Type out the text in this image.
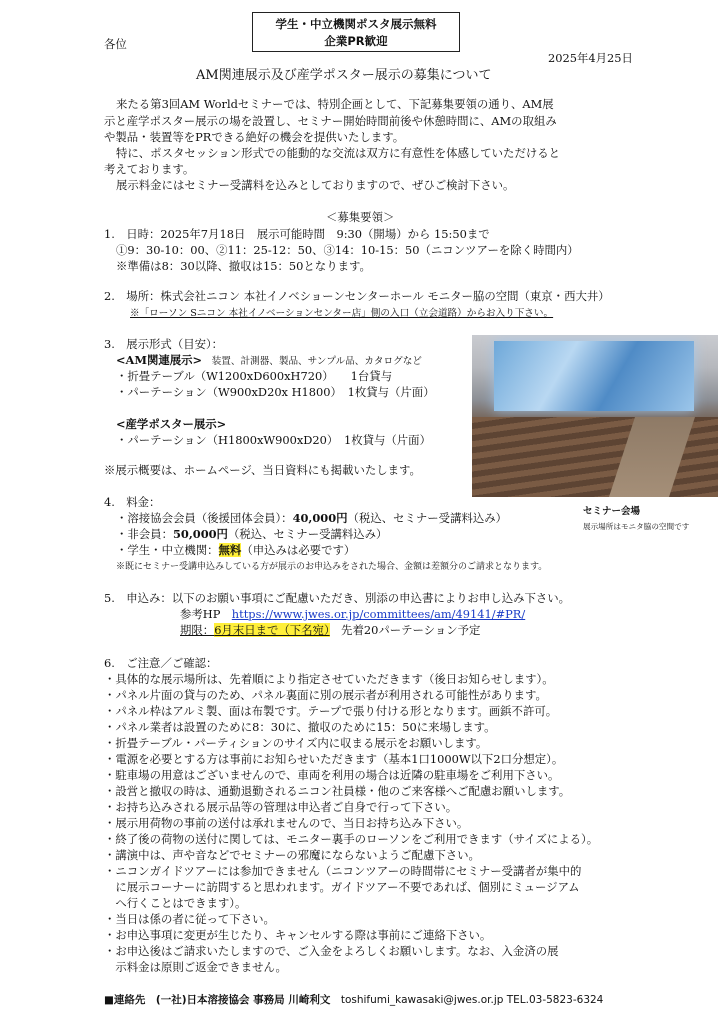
各位
学生・中立機関ポスタ展示無料
企業PR歓迎
2025年4月25日
AM関連展示及び産学ポスター展示の募集について
来たる第3回AM Worldセミナーでは、特別企画として、下記募集要領の通り、AM展
示と産学ポスター展示の場を設置し、セミナー開始時間前後や休憩時間に、AMの取組み
や製品・装置等をPRできる絶好の機会を提供いたします。
特に、ポスタセッション形式での能動的な交流は双方に有意性を体感していただけると
考えております。
展示料金にはセミナー受講料を込みとしておりますので、ぜひご検討下さい。
＜募集要領＞
1.　日時：2025年7月18日　展示可能時間　9:30（開場）から 15:50まで
①9：30-10：00、②11：25-12：50、③14：10-15：50（ニコンツアーを除く時間内）
※準備は8：30以降、撤収は15：50となります。
2.　場所：株式会社ニコン 本社イノベショーンセンターホール モニター脇の空間（東京・西大井）
※「ローソン Sニコン 本社イノベーションセンター店」側の入口（立会道路）からお入り下さい。
3.　展示形式（目安）：
<AM関連展示>　装置、計測器、製品、サンプル品、カタログなど
・折畳テーブル（W1200xD600xH720）　　1台貸与
・パーテーション（W900xD20x H1800）　1枚貸与（片面）
<産学ポスター展示>
・パーテーション（H1800xW900xD20）　1枚貸与（片面）
※展示概要は、ホームページ、当日資料にも掲載いたします。
セミナー会場
展示場所はモニタ脇の空間です
4.　料金：
・溶接協会会員（後援団体会員）：40,000円（税込、セミナー受講料込み）
・非会員：50,000円（税込、セミナー受講料込み）
・学生・中立機関：無料（申込みは必要です）
※既にセミナー受講申込みしている方が展示のお申込みをされた場合、金額は差額分のご請求となります。
5.　申込み：以下のお願い事項にご配慮いただき、別添の申込書によりお申し込み下さい。
参考HP　 https://www.jwes.or.jp/committees/am/49141/#PR/
期限：6月末日まで（下名宛）　先着20パーテーション予定
6.　ご注意／ご確認：
・具体的な展示場所は、先着順により指定させていただきます（後日お知らせします）。
・パネル片面の貸与のため、パネル裏面に別の展示者が利用される可能性があります。
・パネル枠はアルミ製、面は布製です。テープで張り付ける形となります。画鋲不許可。
・パネル業者は設置のために8：30に、撤収のために15：50に来場します。
・折畳テーブル・パーティションのサイズ内に収まる展示をお願いします。
・電源を必要とする方は事前にお知らせいただきます（基本1口1000W以下2口分想定）。
・駐車場の用意はございませんので、車両を利用の場合は近隣の駐車場をご利用下さい。
・設営と撤収の時は、通勤退勤されるニコン社員様・他のご来客様へご配慮お願いします。
・お持ち込みされる展示品等の管理は申込者ご自身で行って下さい。
・展示用荷物の事前の送付は承れませんので、当日お持ち込み下さい。
・終了後の荷物の送付に関しては、モニター裏手のローソンをご利用できます（サイズによる）。
・講演中は、声や音などでセミナーの邪魔にならないようご配慮下さい。
・ニコンガイドツアーには参加できません（ニコンツアーの時間帯にセミナー受講者が集中的
　に展示コーナーに訪問すると思われます。ガイドツアー不要であれば、個別にミュージアム
　へ行くことはできます）。
・当日は係の者に従って下さい。
・お申込事項に変更が生じたり、キャンセルする際は事前にご連絡下さい。
・お申込後はご請求いたしますので、ご入金をよろしくお願いします。なお、入金済の展
　示料金は原則ご返金できません。
■連絡先　(一社)日本溶接協会 事務局 川崎利文　 toshifumi_kawasaki@jwes.or.jp TEL.03-5823-6324
